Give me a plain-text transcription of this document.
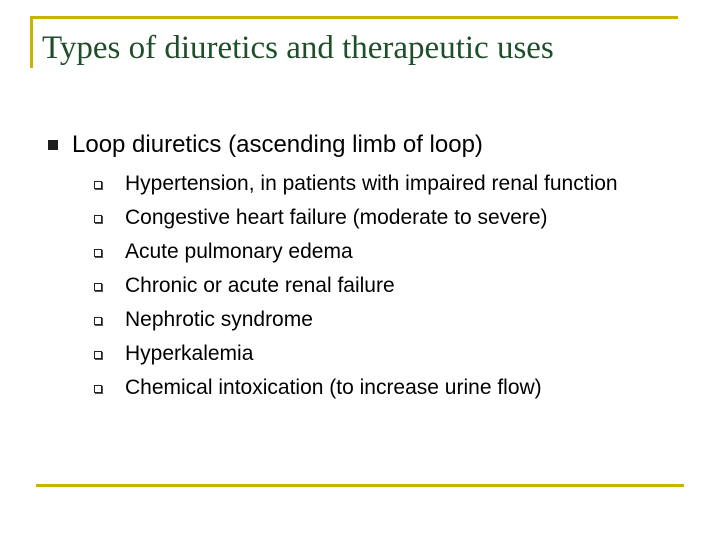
Types of diuretics and therapeutic uses
Loop diuretics (ascending limb of loop)
Hypertension, in patients with impaired renal function
Congestive heart failure (moderate to severe)
Acute pulmonary edema
Chronic or acute renal failure
Nephrotic syndrome
Hyperkalemia
Chemical intoxication (to increase urine flow)
